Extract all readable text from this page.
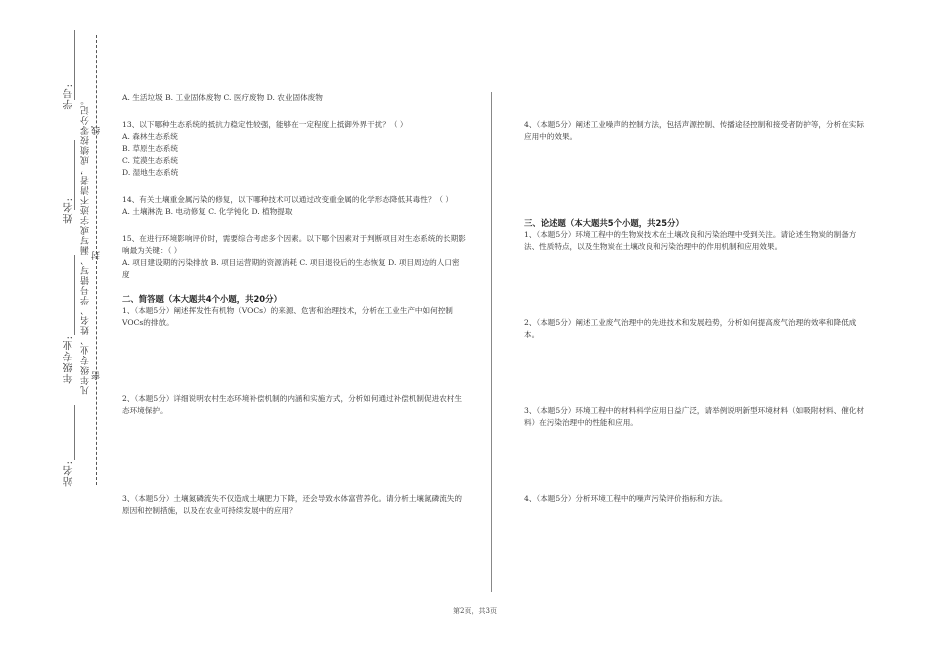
学号:
姓名:
年级专业:
站名:
凡年级专业、姓名、学号错写、漏写或字迹不清者，成绩按零分记。 密
封
线

A. 生活垃圾 B. 工业固体废物 C. 医疗废物 D. 农业固体废物

13、以下哪种生态系统的抵抗力稳定性较强，能够在一定程度上抵御外界干扰？（ ）

A. 森林生态系统

B. 草原生态系统

C. 荒漠生态系统

D. 湿地生态系统

14、有关土壤重金属污染的修复，以下哪种技术可以通过改变重金属的化学形态降低其毒性？（ ）

A. 土壤淋洗 B. 电动修复 C. 化学钝化 D. 植物提取

15、在进行环境影响评价时，需要综合考虑多个因素。以下哪个因素对于判断项目对生态系统的长期影响最为关键：（ ）

A. 项目建设期的污染排放 B. 项目运营期的资源消耗 C. 项目退役后的生态恢复 D. 项目周边的人口密度

二、简答题（本大题共4个小题，共20分）

1、（本题5分）阐述挥发性有机物（VOCs）的来源、危害和治理技术，分析在工业生产中如何控制VOCs的排放。

2、（本题5分）详细说明农村生态环境补偿机制的内涵和实施方式，分析如何通过补偿机制促进农村生态环境保护。

3、（本题5分）土壤氮磷流失不仅造成土壤肥力下降，还会导致水体富营养化。请分析土壤氮磷流失的原因和控制措施，以及在农业可持续发展中的应用？

4、（本题5分）阐述工业噪声的控制方法，包括声源控制、传播途径控制和接受者防护等，分析在实际应用中的效果。

三、论述题（本大题共5个小题，共25分）

1、（本题5分）环境工程中的生物炭技术在土壤改良和污染治理中受到关注。请论述生物炭的制备方法、性质特点，以及生物炭在土壤改良和污染治理中的作用机制和应用效果。

2、（本题5分）阐述工业废气治理中的先进技术和发展趋势，分析如何提高废气治理的效率和降低成本。

3、（本题5分）环境工程中的材料科学应用日益广泛，请举例说明新型环境材料（如吸附材料、催化材料）在污染治理中的性能和应用。

4、（本题5分）分析环境工程中的噪声污染评价指标和方法。

第2页，共3页
